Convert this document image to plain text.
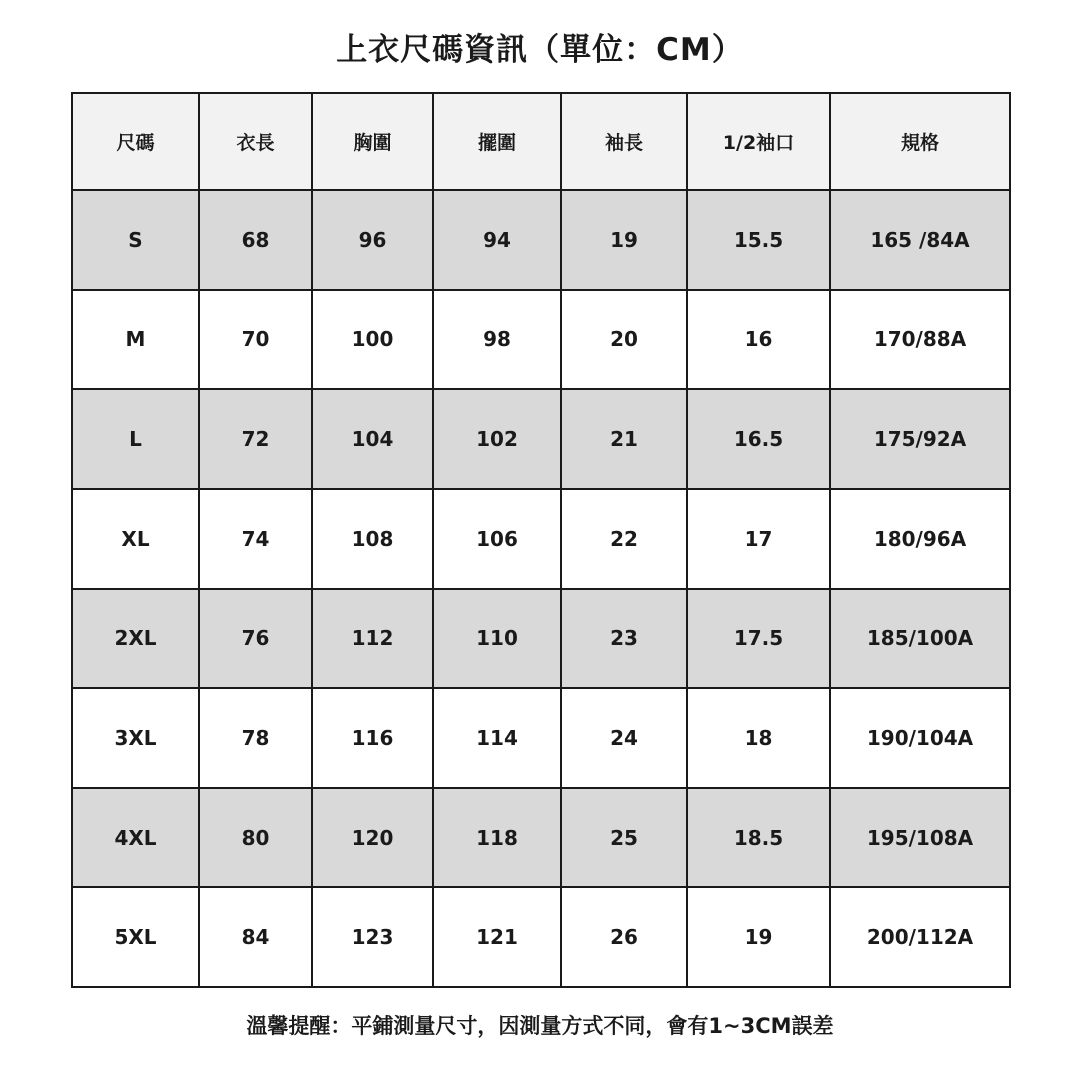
上衣尺碼資訊（單位：CM）
尺碼	衣長	胸圍	擺圍	袖長	1/2袖口	規格
S	68	96	94	19	15.5	165 /84A
M	70	100	98	20	16	170/88A
L	72	104	102	21	16.5	175/92A
XL	74	108	106	22	17	180/96A
2XL	76	112	110	23	17.5	185/100A
3XL	78	116	114	24	18	190/104A
4XL	80	120	118	25	18.5	195/108A
5XL	84	123	121	26	19	200/112A
溫馨提醒：平鋪測量尺寸，因測量方式不同，會有1~3CM誤差
